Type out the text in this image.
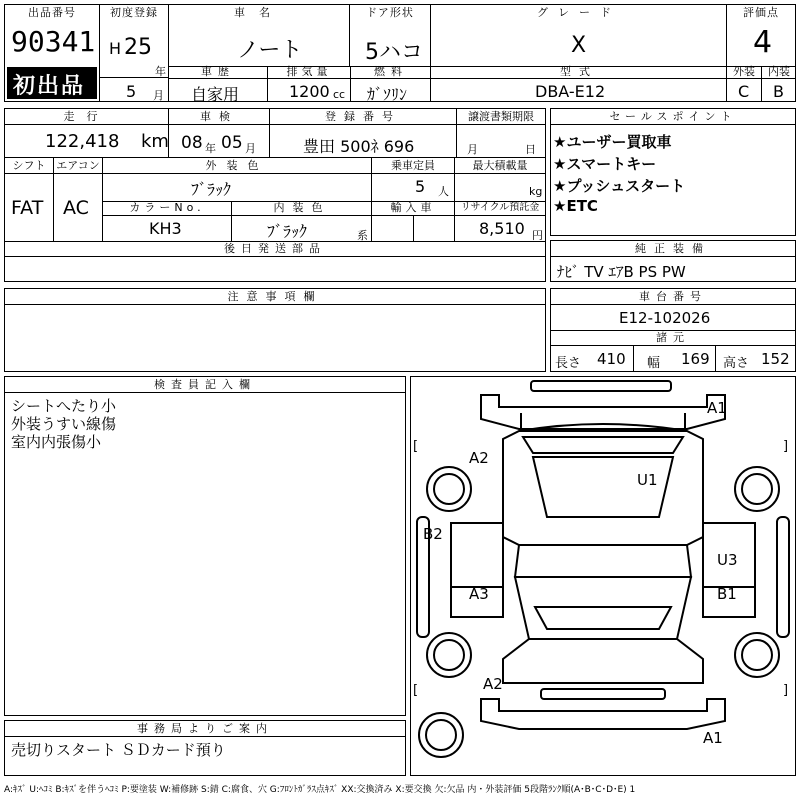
出品番号
90341
初出品
初度登録
H 25
年
5 月
車名
ノート
ドア形状
5ハコ
グレード
X
評価点
4
車歴
自家用
排気量
1200 cc
燃料
ｶﾞｿﾘﾝ
型式
DBA-E12
外装	内装
C B
走行
122,418 km
車検
08 年 05 月
登録番号
豊田 500ﾈ 696
譲渡書類期限
月	日
シフト エアコン
FAT AC
外装色
ﾌﾞﾗｯｸ
乗車定員
5 人
最大積載量
kg
カラーNo.
KH3
内装色
ﾌﾞﾗｯｸ	系
輸入車	リサイクル預託金
8,510 円
後日発送部品
セールスポイント
★ユーザー買取車
★スマートキー
★プッシュスタート
★ETC
純正装備
ﾅﾋﾞ TV ｴｱB PS PW
注意事項欄	車台番号
E12-102026
諸元
長さ 410 幅 169 高さ 152
検査員記入欄
シートへたり小
外装うすい線傷
室内内張傷小
事務局よりご案内
売切りスタート ＳＤカード預り
[	]
[	]
A1
A2
U1
B2
U3
A3	B1
A2
A1
A:ｷｽﾞ U:ﾍｺﾐ B:ｷｽﾞを伴うﾍｺﾐ P:要塗装 W:補修跡 S:錆 C:腐食、穴 G:ﾌﾛﾝﾄｶﾞﾗｽ点ｷｽﾞ XX:交換済み X:要交換 欠:欠品 内・外装評価 5段階ﾗﾝｸ順(A･B･C･D･E) 1
